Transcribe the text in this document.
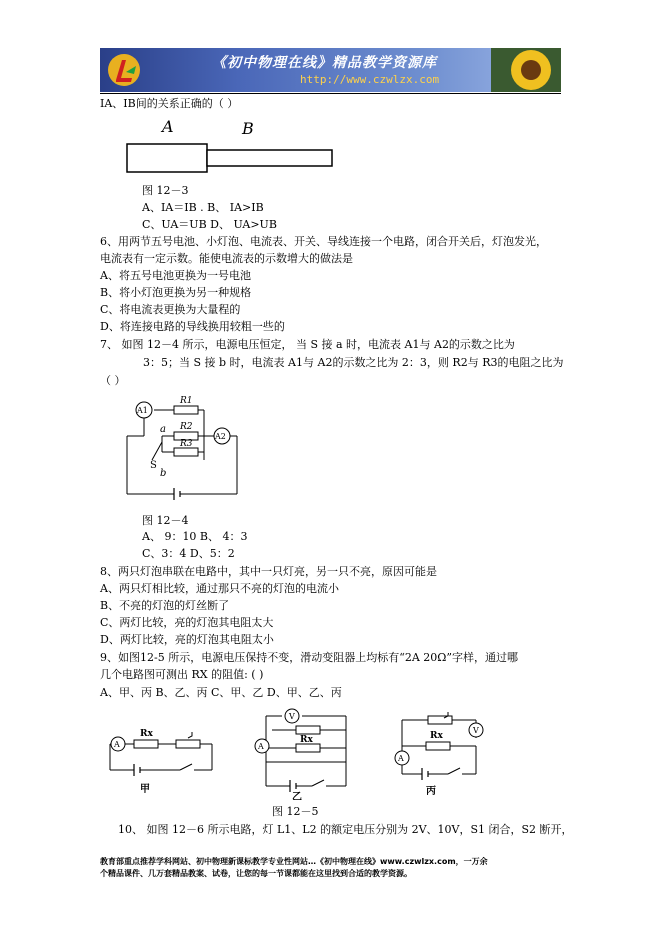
《初中物理在线》精品教学资源库
http://www.czwlzx.com
IA、IB间的关系正确的（ ）
A	B
图 12－3
A、IA＝IB . B、 IA>IB
C、UA＝UB D、 UA>UB
6、用两节五号电池、小灯泡、电流表、开关、导线连接一个电路，闭合开关后，灯泡发光，
电流表有一定示数。能使电流表的示数增大的做法是
A、将五号电池更换为一号电池
B、将小灯泡更换为另一种规格
C、将电流表更换为大量程的
D、将连接电路的导线换用较粗一些的
7、 如图 12－4 所示，电源电压恒定， 当 S 接 a 时，电流表 A1与 A2的示数之比为
3：5；当 S 接 b 时，电流表 A1与 A2的示数之比为 2：3，则 R2与 R3的电阻之比为
（ ）
A1
A2
R1
R2
R3
a
S
b
图 12－4
A、 9：10 B、 4：3
C、3：4 D、5：2
8、两只灯泡串联在电路中，其中一只灯亮，另一只不亮，原因可能是
A、两只灯相比较，通过那只不亮的灯泡的电流小
B、不亮的灯泡的灯丝断了
C、两灯比较，亮的灯泡其电阻太大
D、两灯比较，亮的灯泡其电阻太小
9、如图12-5 所示，电源电压保持不变，滑动变阻器上均标有“2A 20Ω”字样，通过哪
几个电路图可测出 RX 的阻值: ( )
A、甲、丙 B、乙、丙 C、甲、乙 D、甲、乙、丙
A
Rx
甲
V
A
Rx
乙
V
A
Rx
丙
图 12－5
10、 如图 12－6 所示电路，灯 L1、L2 的额定电压分别为 2V、10V，S1 闭合，S2 断开，
教育部重点推荐学科网站、初中物理新课标教学专业性网站…《初中物理在线》www.czwlzx.com，一万余
个精品课件、几万套精品教案、试卷，让您的每一节课都能在这里找到合适的教学资源。
